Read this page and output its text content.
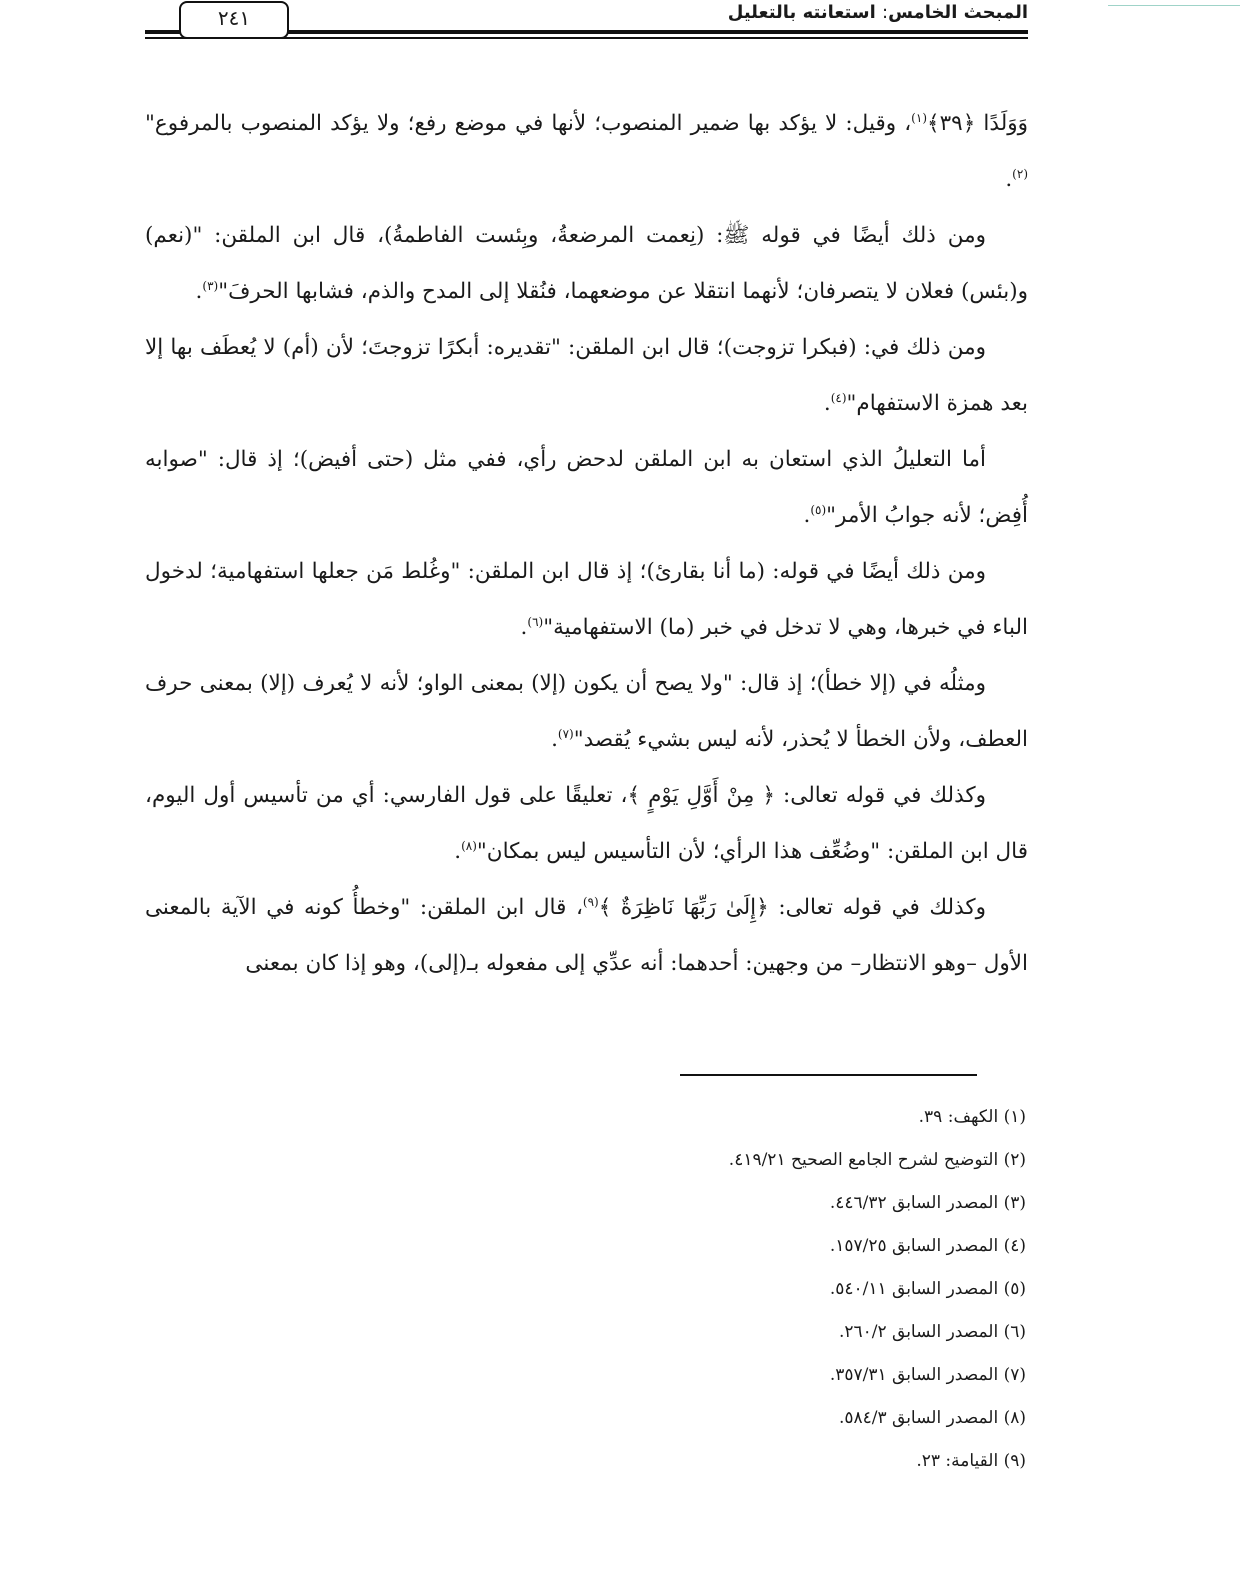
المبحث الخامس: استعانته بالتعليل
٢٤١

وَوَلَدًا ﴿٣٩﴾$^{(١)}$، وقيل: لا يؤكد بها ضمير المنصوب؛ لأنها في موضع رفع؛ ولا يؤكد المنصوب بالمرفوع"$^{(٢)}$.

ومن ذلك أيضًا في قوله ﷺ: (نِعمت المرضعةُ، وبِئست الفاطمةُ)، قال ابن الملقن: "(نعم) و(بئس) فعلان لا يتصرفان؛ لأنهما انتقلا عن موضعهما، فنُقلا إلى المدح والذم، فشابها الحرفَ"$^{(٣)}$.

ومن ذلك في: (فبكرا تزوجت)؛ قال ابن الملقن: "تقديره: أبكرًا تزوجتَ؛ لأن (أم) لا يُعطَف بها إلا بعد همزة الاستفهام"$^{(٤)}$.

أما التعليلُ الذي استعان به ابن الملقن لدحض رأي، ففي مثل (حتى أفيض)؛ إذ قال: "صوابه أُفِض؛ لأنه جوابُ الأمر"$^{(٥)}$.

ومن ذلك أيضًا في قوله: (ما أنا بقارئ)؛ إذ قال ابن الملقن: "وغُلط مَن جعلها استفهامية؛ لدخول الباء في خبرها، وهي لا تدخل في خبر (ما) الاستفهامية"$^{(٦)}$.

ومثلُه في (إلا خطأ)؛ إذ قال: "ولا يصح أن يكون (إلا) بمعنى الواو؛ لأنه لا يُعرف (إلا) بمعنى حرف العطف، ولأن الخطأ لا يُحذر، لأنه ليس بشيء يُقصد"$^{(٧)}$.

وكذلك في قوله تعالى: ﴿ مِنْ أَوَّلِ يَوْمٍ ﴾، تعليقًا على قول الفارسي: أي من تأسيس أول اليوم، قال ابن الملقن: "وضُعِّف هذا الرأي؛ لأن التأسيس ليس بمكان"$^{(٨)}$.

وكذلك في قوله تعالى: ﴿إِلَىٰ رَبِّهَا نَاظِرَةٌ ﴾$^{(٩)}$، قال ابن الملقن: "وخطأُ كونه في الآية بالمعنى الأول –وهو الانتظار– من وجهين: أحدهما: أنه عدِّي إلى مفعوله بـ(إلى)، وهو إذا كان بمعنى

(١) الكهف: ٣٩.
(٢) التوضيح لشرح الجامع الصحيح ٤١٩/٢١.
(٣) المصدر السابق ٤٤٦/٣٢.
(٤) المصدر السابق ١٥٧/٢٥.
(٥) المصدر السابق ٥٤٠/١١.
(٦) المصدر السابق ٢٦٠/٢.
(٧) المصدر السابق ٣٥٧/٣١.
(٨) المصدر السابق ٥٨٤/٣.
(٩) القيامة: ٢٣.
